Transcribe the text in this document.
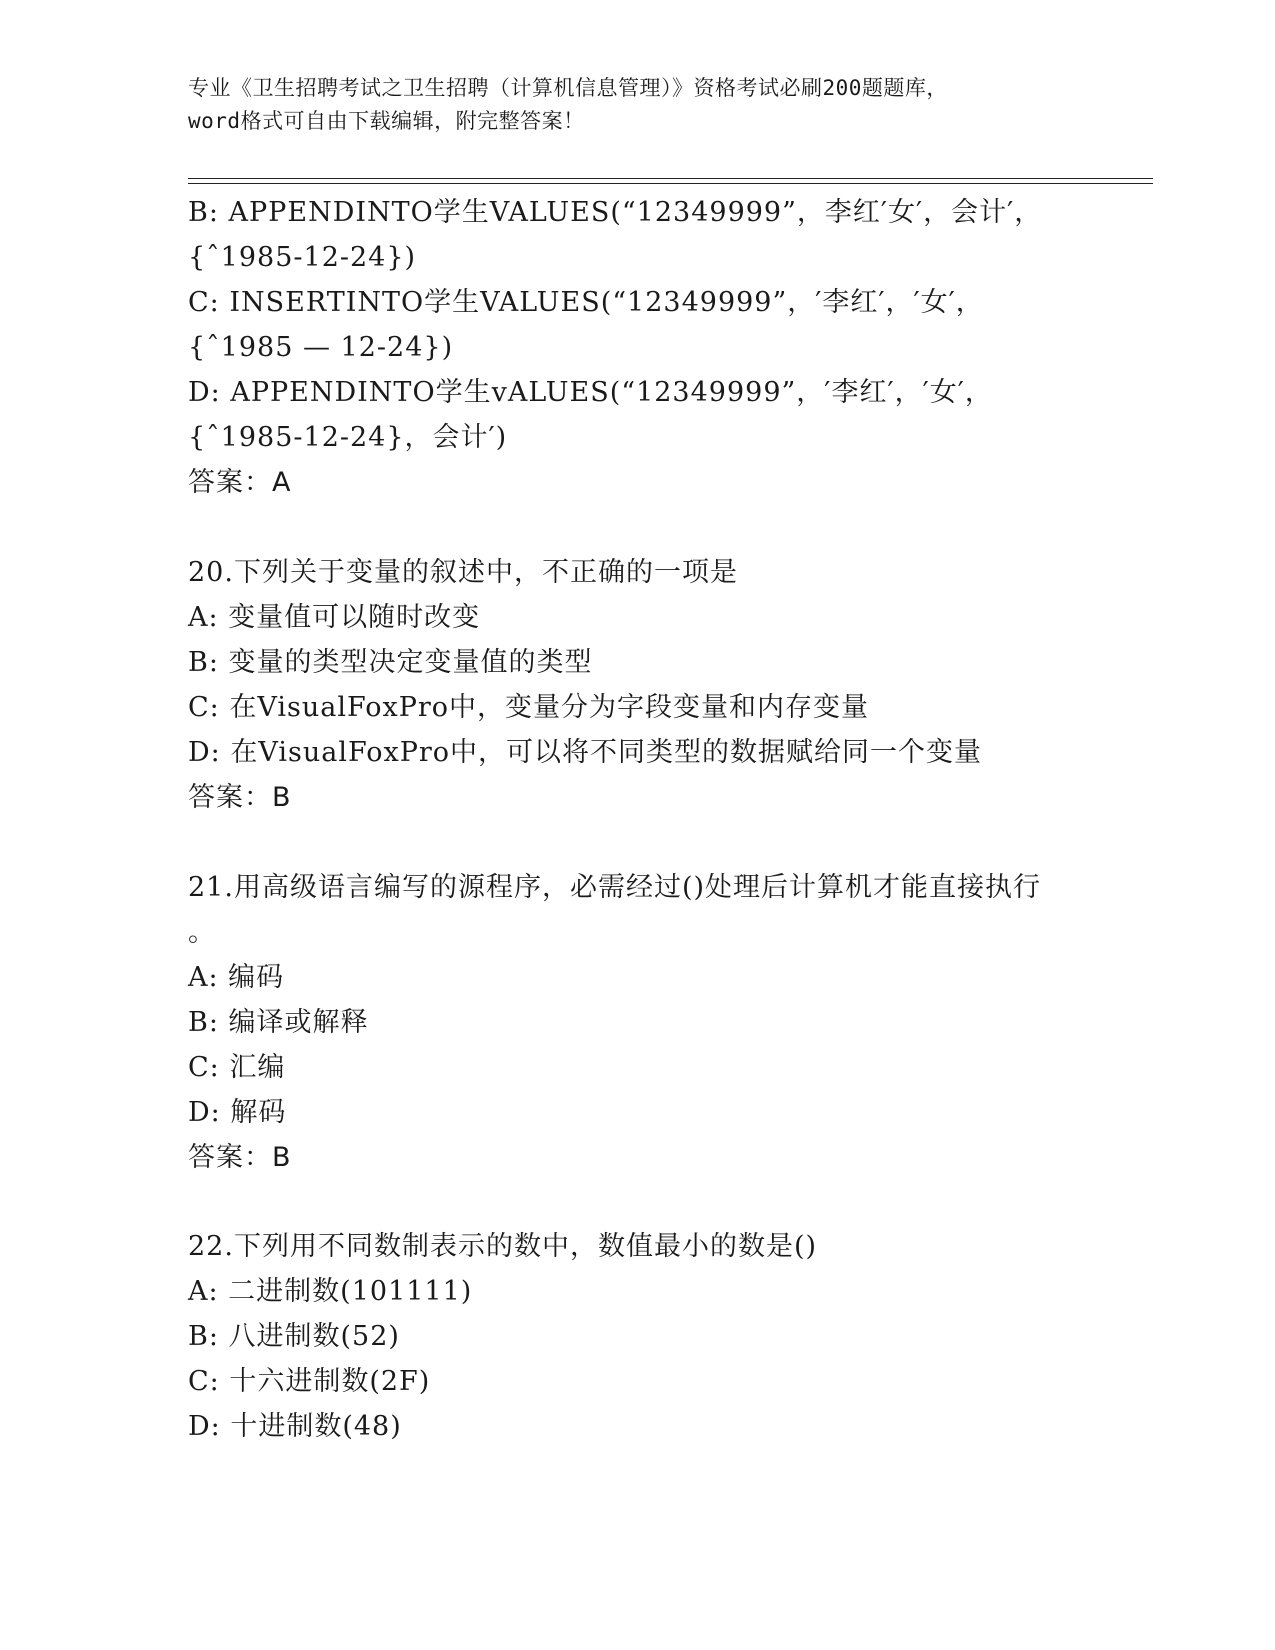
专业《卫生招聘考试之卫生招聘（计算机信息管理）》资格考试必刷200题题库，
word格式可自由下载编辑，附完整答案！
B: APPENDINTO学生VALUES(“12349999”，李红′女′，会计′，
{ˆ1985-12-24})
C: INSERTINTO学生VALUES(“12349999”，′李红′，′女′，
{ˆ1985 — 12-24})
D: APPENDINTO学生vALUES(“12349999”，′李红′，′女′，
{ˆ1985-12-24}，会计′)
答案：A
20.下列关于变量的叙述中，不正确的一项是
A: 变量值可以随时改变
B: 变量的类型决定变量值的类型
C: 在VisualFoxPro中，变量分为字段变量和内存变量
D: 在VisualFoxPro中，可以将不同类型的数据赋给同一个变量
答案：B
21.用高级语言编写的源程序，必需经过()处理后计算机才能直接执行
。
A: 编码
B: 编译或解释
C: 汇编
D: 解码
答案：B
22.下列用不同数制表示的数中，数值最小的数是()
A: 二进制数(101111)
B: 八进制数(52)
C: 十六进制数(2F)
D: 十进制数(48)
